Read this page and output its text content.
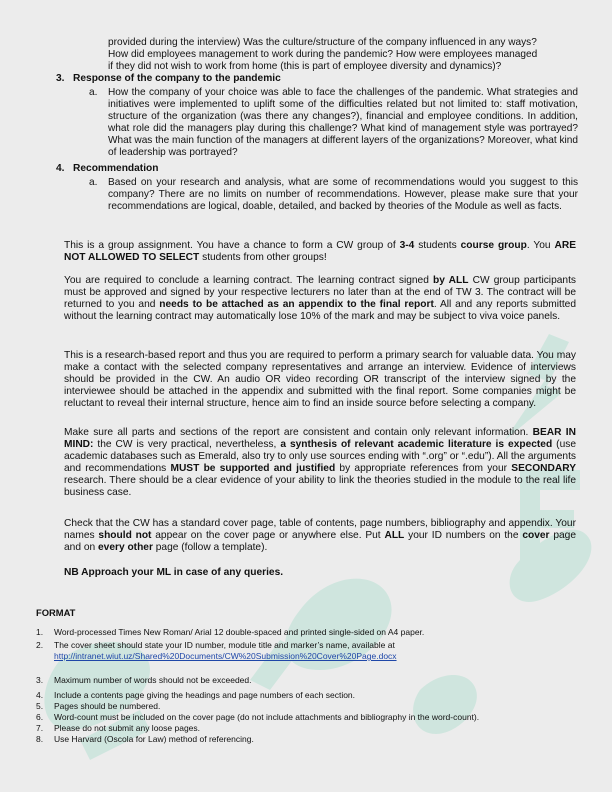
provided during the interview) Was the culture/structure of the company influenced in any ways?
How did employees management to work during the pandemic? How were employees managed
if they did not wish to work from home (this is part of employee diversity and dynamics)?
3. Response of the company to the pandemic
a. How the company of your choice was able to face the challenges of the pandemic. What strategies and initiatives were implemented to uplift some of the difficulties related but not limited to: staff motivation, structure of the organization (was there any changes?), financial and employee conditions. In addition, what role did the managers play during this challenge? What kind of management style was portrayed? What was the main function of the managers at different layers of the organizations? Moreover, what kind of leadership was portrayed?
4. Recommendation
a. Based on your research and analysis, what are some of recommendations would you suggest to this company? There are no limits on number of recommendations. However, please make sure that your recommendations are logical, doable, detailed, and backed by theories of the Module as well as facts.
This is a group assignment. You have a chance to form a CW group of 3-4 students course group. You ARE NOT ALLOWED TO SELECT students from other groups!
You are required to conclude a learning contract. The learning contract signed by ALL CW group participants must be approved and signed by your respective lecturers no later than at the end of TW 3. The contract will be returned to you and needs to be attached as an appendix to the final report. All and any reports submitted without the learning contract may automatically lose 10% of the mark and may be subject to viva voice panels.
This is a research-based report and thus you are required to perform a primary search for valuable data. You may make a contact with the selected company representatives and arrange an interview. Evidence of interviews should be provided in the CW. An audio OR video recording OR transcript of the interview signed by the interviewee should be attached in the appendix and submitted with the final report. Some companies might be reluctant to reveal their internal structure, hence aim to find an inside source before selecting a company.
Make sure all parts and sections of the report are consistent and contain only relevant information. BEAR IN MIND: the CW is very practical, nevertheless, a synthesis of relevant academic literature is expected (use academic databases such as Emerald, also try to only use sources ending with “.org” or “.edu”). All the arguments and recommendations MUST be supported and justified by appropriate references from your SECONDARY research. There should be a clear evidence of your ability to link the theories studied in the module to the real life business case.
Check that the CW has a standard cover page, table of contents, page numbers, bibliography and appendix. Your names should not appear on the cover page or anywhere else. Put ALL your ID numbers on the cover page and on every other page (follow a template).
NB Approach your ML in case of any queries.
FORMAT
1. Word-processed Times New Roman/ Arial 12 double-spaced and printed single-sided on A4 paper.
2. The cover sheet should state your ID number, module title and marker’s name, available at
http://intranet.wiut.uz/Shared%20Documents/CW%20Submission%20Cover%20Page.docx
3. Maximum number of words should not be exceeded.
4. Include a contents page giving the headings and page numbers of each section.
5. Pages should be numbered.
6. Word-count must be included on the cover page (do not include attachments and bibliography in the word-count).
7. Please do not submit any loose pages.
8. Use Harvard (Oscola for Law) method of referencing.
